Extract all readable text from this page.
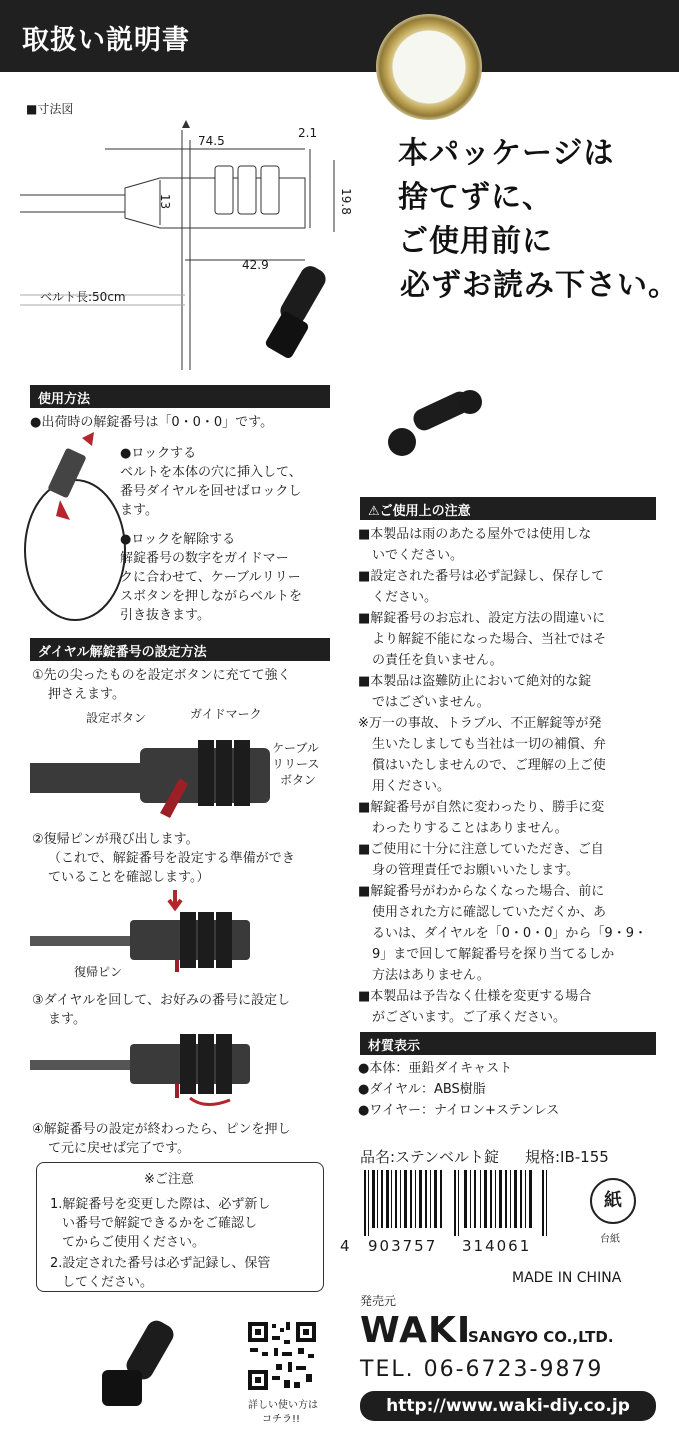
取扱い説明書
■寸法図
74.5
2.1
13	19.8
42.9
ベルト長:50cm
本パッケージは
捨てずに、
ご使用前に
必ずお読み下さい。
使用方法
●出荷時の解錠番号は「0・0・0」です。
●ロックする
ベルトを本体の穴に挿入して、
番号ダイヤルを回せばロックし
ます。
●ロックを解除する
解錠番号の数字をガイドマー
クに合わせて、ケーブルリリー
スボタンを押しながらベルトを
引き抜きます。
ダイヤル解錠番号の設定方法
①先の尖ったものを設定ボタンに充てて強く
押さえます。
設定ボタン	ガイドマーク
ケーブル
リリース
ボタン
②復帰ピンが飛び出します。
（これで、解錠番号を設定する準備ができ
ていることを確認します。）
復帰ピン
③ダイヤルを回して、お好みの番号に設定し
ます。
④解錠番号の設定が終わったら、ピンを押し
て元に戻せば完了です。
※ご注意
1.解錠番号を変更した際は、必ず新し
い番号で解錠できるかをご確認し
てからご使用ください。
2.設定された番号は必ず記録し、保管
してください。
⚠ご使用上の注意
■本製品は雨のあたる屋外では使用しな
いでください。
■設定された番号は必ず記録し、保存して
ください。
■解錠番号のお忘れ、設定方法の間違いに
より解錠不能になった場合、当社ではそ
の責任を負いません。
■本製品は盗難防止において絶対的な錠
ではございません。
※万一の事故、トラブル、不正解錠等が発
生いたしましても当社は一切の補償、弁
償はいたしませんので、ご理解の上ご使
用ください。
■解錠番号が自然に変わったり、勝手に変
わったりすることはありません。
■ご使用に十分に注意していただき、ご自
身の管理責任でお願いいたします。
■解錠番号がわからなくなった場合、前に
使用された方に確認していただくか、あ
るいは、ダイヤルを「0・0・0」から「9・9・
9」まで回して解錠番号を探り当てるしか
方法はありません。
■本製品は予告なく仕様を変更する場合
がございます。ご了承ください。
材質表示
●本体：亜鉛ダイキャスト
●ダイヤル：ABS樹脂
●ワイヤー：ナイロン+ステンレス
品名:ステンベルト錠 規格:IB-155
4 903757 314061
紙
台紙
MADE IN CHINA
発売元
WAKI
SANGYO CO.,LTD.
TEL. 06-6723-9879
http://www.waki-diy.co.jp
詳しい使い方は
コチラ!!
